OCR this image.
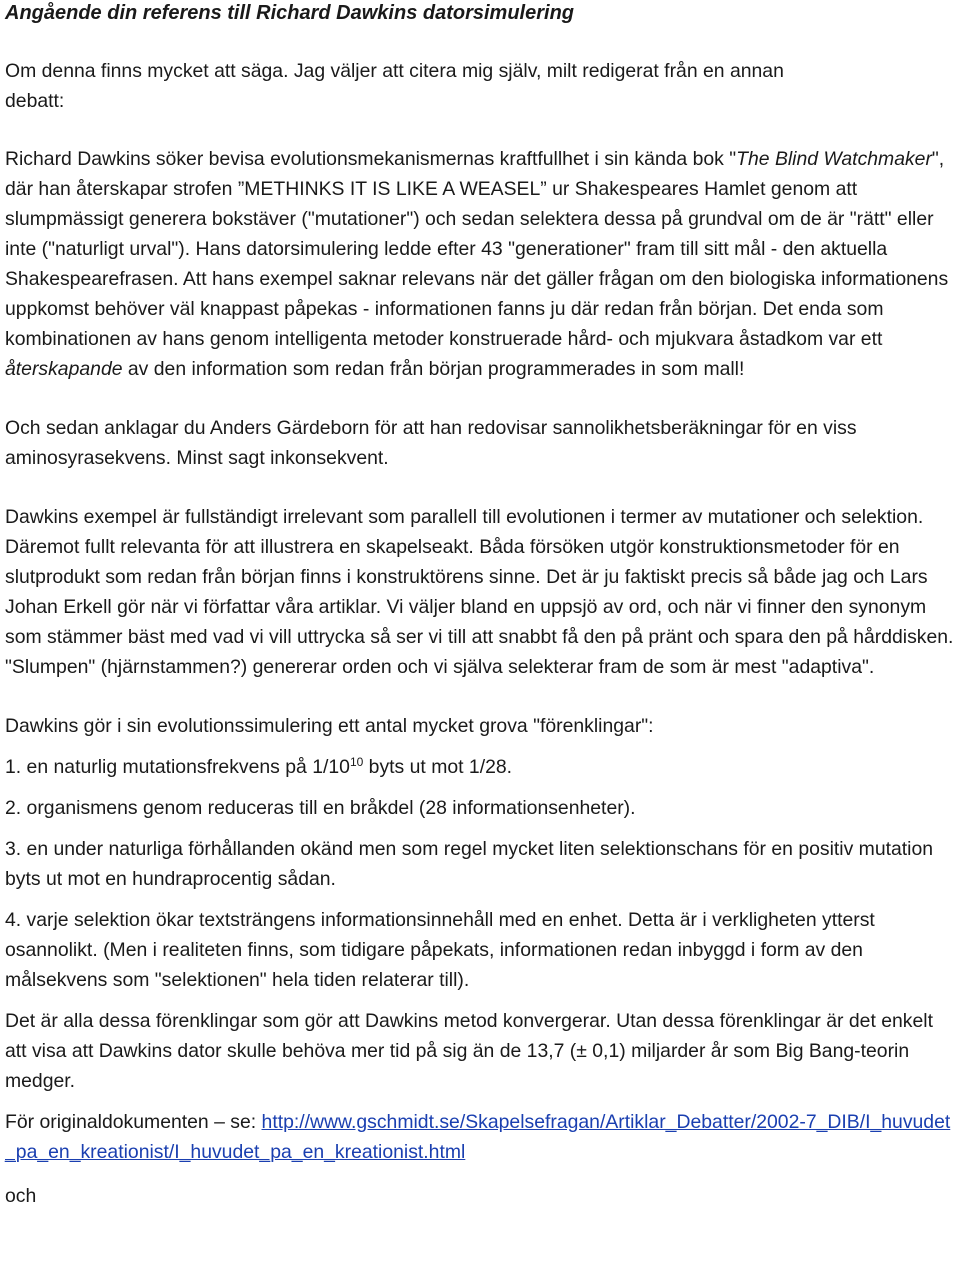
Angående din referens till Richard Dawkins datorsimulering

Om denna finns mycket att säga. Jag väljer att citera mig själv, milt redigerat från en annan
debatt:

Richard Dawkins söker bevisa evolutionsmekanismernas kraftfullhet i sin kända bok "The Blind Watchmaker", där han återskapar strofen ”METHINKS IT IS LIKE A WEASEL” ur Shakespeares Hamlet genom att slumpmässigt generera bokstäver ("mutationer") och sedan selektera dessa på grundval om de är "rätt" eller inte ("naturligt urval"). Hans datorsimulering ledde efter 43 "generationer" fram till sitt mål - den aktuella Shakespearefrasen. Att hans exempel saknar relevans när det gäller frågan om den biologiska informationens uppkomst behöver väl knappast påpekas - informationen fanns ju där redan från början. Det enda som kombinationen av hans genom intelligenta metoder konstruerade hård- och mjukvara åstadkom var ett återskapande av den information som redan från början programmerades in som mall!

Och sedan anklagar du Anders Gärdeborn för att han redovisar sannolikhetsberäkningar för en viss aminosyrasekvens. Minst sagt inkonsekvent.

Dawkins exempel är fullständigt irrelevant som parallell till evolutionen i termer av mutationer och selektion. Däremot fullt relevanta för att illustrera en skapelseakt. Båda försöken utgör konstruktionsmetoder för en slutprodukt som redan från början finns i konstruktörens sinne. Det är ju faktiskt precis så både jag och Lars Johan Erkell gör när vi författar våra artiklar. Vi väljer bland en uppsjö av ord, och när vi finner den synonym som stämmer bäst med vad vi vill uttrycka så ser vi till att snabbt få den på pränt och spara den på hårddisken. "Slumpen" (hjärnstammen?) genererar orden och vi själva selekterar fram de som är mest "adaptiva".

Dawkins gör i sin evolutionssimulering ett antal mycket grova "förenklingar":

1. en naturlig mutationsfrekvens på $1/10^{10}$ byts ut mot 1/28.

2. organismens genom reduceras till en bråkdel (28 informationsenheter).

3. en under naturliga förhållanden okänd men som regel mycket liten selektionschans för en positiv mutation byts ut mot en hundraprocentig sådan.

4. varje selektion ökar textsträngens informationsinnehåll med en enhet. Detta är i verkligheten ytterst osannolikt. (Men i realiteten finns, som tidigare påpekats, informationen redan inbyggd i form av den målsekvens som "selektionen" hela tiden relaterar till).

Det är alla dessa förenklingar som gör att Dawkins metod konvergerar. Utan dessa förenklingar är det enkelt att visa att Dawkins dator skulle behöva mer tid på sig än de 13,7 (± 0,1) miljarder år som Big Bang-teorin medger.

För originaldokumenten – se: http://www.gschmidt.se/Skapelsefragan/Artiklar_Debatter/2002-7_DIB/I_huvudet_pa_en_kreationist/I_huvudet_pa_en_kreationist.html

och
